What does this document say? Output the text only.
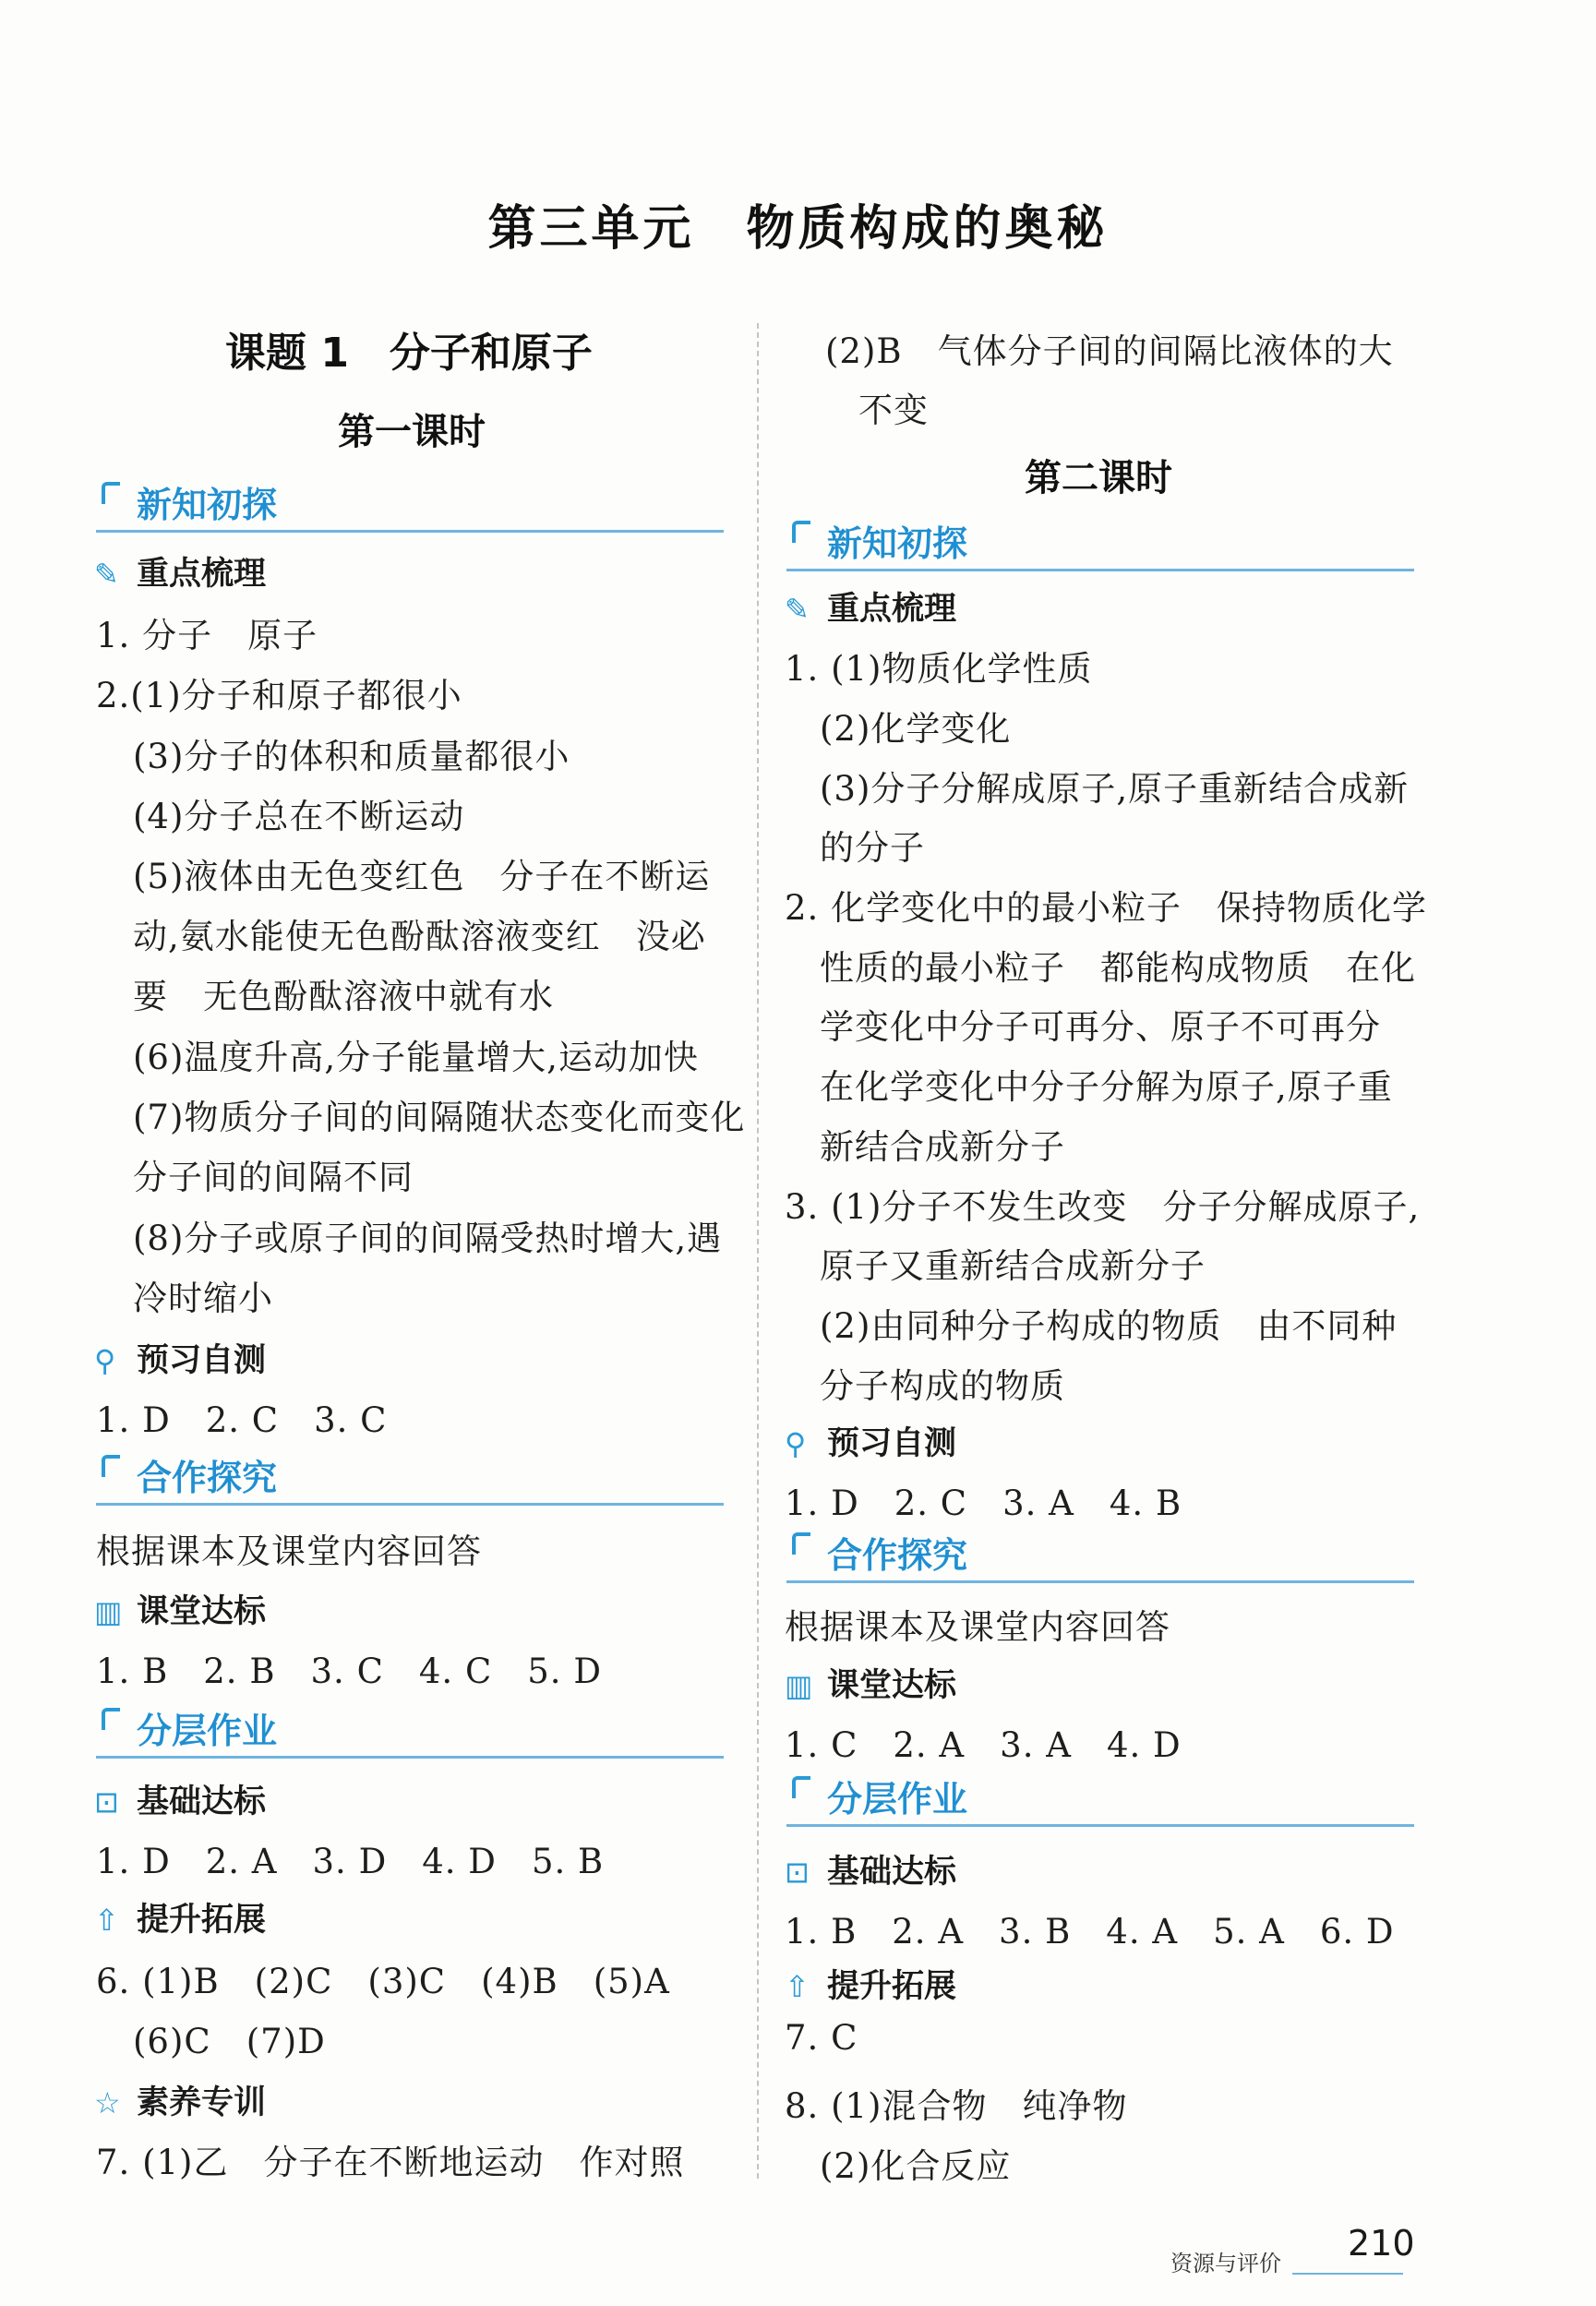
第三单元　物质构成的奥秘
课题 1　分子和原子
第一课时
新知初探
✎ 重点梳理
1. 分子　原子
2.(1)分子和原子都很小
(3)分子的体积和质量都很小
(4)分子总在不断运动
(5)液体由无色变红色　分子在不断运
动,氨水能使无色酚酞溶液变红　没必
要　无色酚酞溶液中就有水
(6)温度升高,分子能量增大,运动加快
(7)物质分子间的间隔随状态变化而变化
分子间的间隔不同
(8)分子或原子间的间隔受热时增大,遇
冷时缩小
⚲ 预习自测
1. D　2. C　3. C
合作探究
根据课本及课堂内容回答
▥ 课堂达标
1. B　2. B　3. C　4. C　5. D
分层作业
⊡ 基础达标
1. D　2. A　3. D　4. D　5. B
⇧ 提升拓展
6. (1)B　(2)C　(3)C　(4)B　(5)A
(6)C　(7)D
☆ 素养专训
7. (1)乙　分子在不断地运动　作对照
(2)B　气体分子间的间隔比液体的大
不变
第二课时
新知初探
✎ 重点梳理
1. (1)物质化学性质
(2)化学变化
(3)分子分解成原子,原子重新结合成新
的分子
2. 化学变化中的最小粒子　保持物质化学
性质的最小粒子　都能构成物质　在化
学变化中分子可再分、原子不可再分
在化学变化中分子分解为原子,原子重
新结合成新分子
3. (1)分子不发生改变　分子分解成原子,
原子又重新结合成新分子
(2)由同种分子构成的物质　由不同种
分子构成的物质
⚲ 预习自测
1. D　2. C　3. A　4. B
合作探究
根据课本及课堂内容回答
▥ 课堂达标
1. C　2. A　3. A　4. D
分层作业
⊡ 基础达标
1. B　2. A　3. B　4. A　5. A　6. D
⇧ 提升拓展
7. C
8. (1)混合物　纯净物
(2)化合反应
资源与评价 210
